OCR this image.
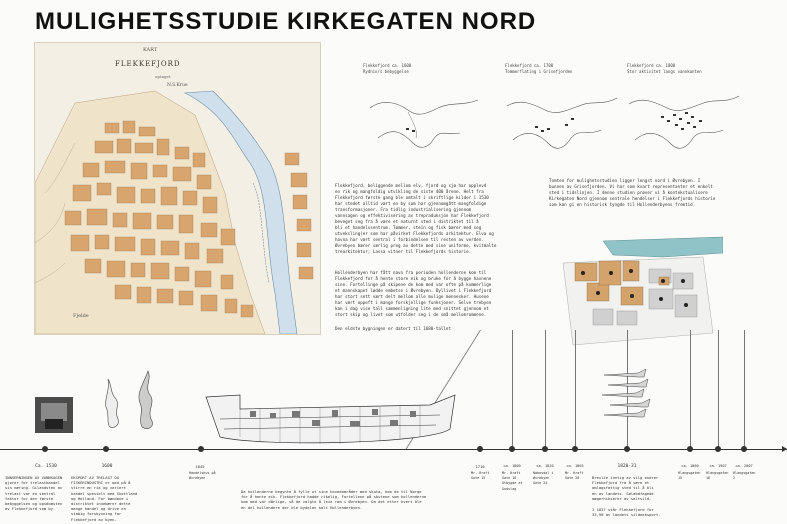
MULIGHETSSTUDIE KIRKEGATEN NORD
KART
FLEKKEFJORD
optaget
N.S.Krue
Fjelde
Flekkefjord ca. 1600
Rydnin/s bebyggelse
Flekkefjord ca. 1700
Tommerflating i Grisefjorden
Flekkefjord ca. 1800
Stor aktivitet langs vannkanten
Flekkefjord, beliggende mellom elv, fjord og sjø har opplevd
en rik og mangfoldig utvikling de siste 400 årene. Helt fra
Flekkefjord første gang ble omtalt i skriftlige kilder i 1530
har stedet alltid vært en by som har gjennomgått mangfoldige
transformasjoner. Fra tidlig industrialisering gjennom
vannsagen og effektivisering av trepraduksjon har Flekkefjord
beveget seg fra å være et naturnt sted i distriktet til å
bli et handelssentrum. Tømmer, stein og fisk bærer med seg
utveksling(er som har påvirket Flekkefjords arkitektur. Elva og
havna har vært sentral i forbindelsen til resten av verden.
Øvrebyen bærer særlig preg av dette med sine uniforme, kvitmalte
trearkitektur; Lassa vitner til Flekkefjords historie.
Hollenderbyen har fått navn fra perioden hollenderne kom til
Flekkefjord for å hente store eik og bruke for å bygge havnene
sine. Fortellinge på skipene de kom med var ofte på kummerlige
et mannskapet lødde embetse i Øvrebyen. Byllivet i Flekkefjord
har stort sett vært delt mellom alle mulige mennesker. Husene
har vært oppeft i mange forskjellige funksjoner. Selve trebyen
kan i dag vise tall sammenligning lite med snittet gjennom et
stort skip og livet som utfolder seg i de små mellomrommene.
Den eldste bygningen er datert til 1680-tallet
Tomten for mulighetsstudien ligger lengst nord i Øvrebyen. I
bunnen av Grisefjorden. Vi har som kvart representanter et enkelt
sted i tidslinjen. I denne studien prøver vi å kontekstualisere
Kirkegaten Nord gjennom sentrale hendelser i Flekkefjords historie
som kan gi en historisk tyngde til Hollenderbyens fremtid.
Ca. 1530	1600	1645	1710	ca. 1800	ca. 1820	ca. 1865	1820-31	ca. 1860	ca. 1907	ca. 2007
Handelshus på
Øvrebyen
Mr. Hraft
Gate 15
Mr. Hraft
Gate 16
Utbygde at
Godslag
Nabosdal i
Øvrebyen
Gate 24
Mr. Hraft
Gate 26
Hlangsgaten
15
Hlangsgaten
16
Hlangsgaten
2
INNVERNINGEN AV VANNSAGEN
gjorer for trelastbandel
sin næring. Gilandsten av
trelast var en sentral
faktor for den første
bebyggelsen og opsdomsten
av Flekkefjord som by.
EKSPORT AV TRELAST OG
FISKERINDUSTRI er med på å
stirre en rik og variert
handel spesielt med Skottland
og Holland. For bøndene i
distriktet innebærer dette
mange handel og drive en
stabig forskyvning for
Flekkefjord av byen.
Da hollenderne begynte å fylle ut sine hovedområder med skuta, kom de til Norge
for å hente eik. Flekkefjord hadde rikelig, Fortellene på skutene som hollenderne
kom med var dårlige, så de valgte å leie rom i Øvrebyen. Da det etter hvert ble
en del hollendere der ble bydelen kalt Hollenderbyen.
Brevlie inntig av silg endrer
Flekkefjord fra å være et
omlagsfattig sted til å bli
en av landets. Sølabdfagede
møgerhikserer av saltsild.
I 1837 står Flekkefjord for
33,90 av landets sildeeksport.
